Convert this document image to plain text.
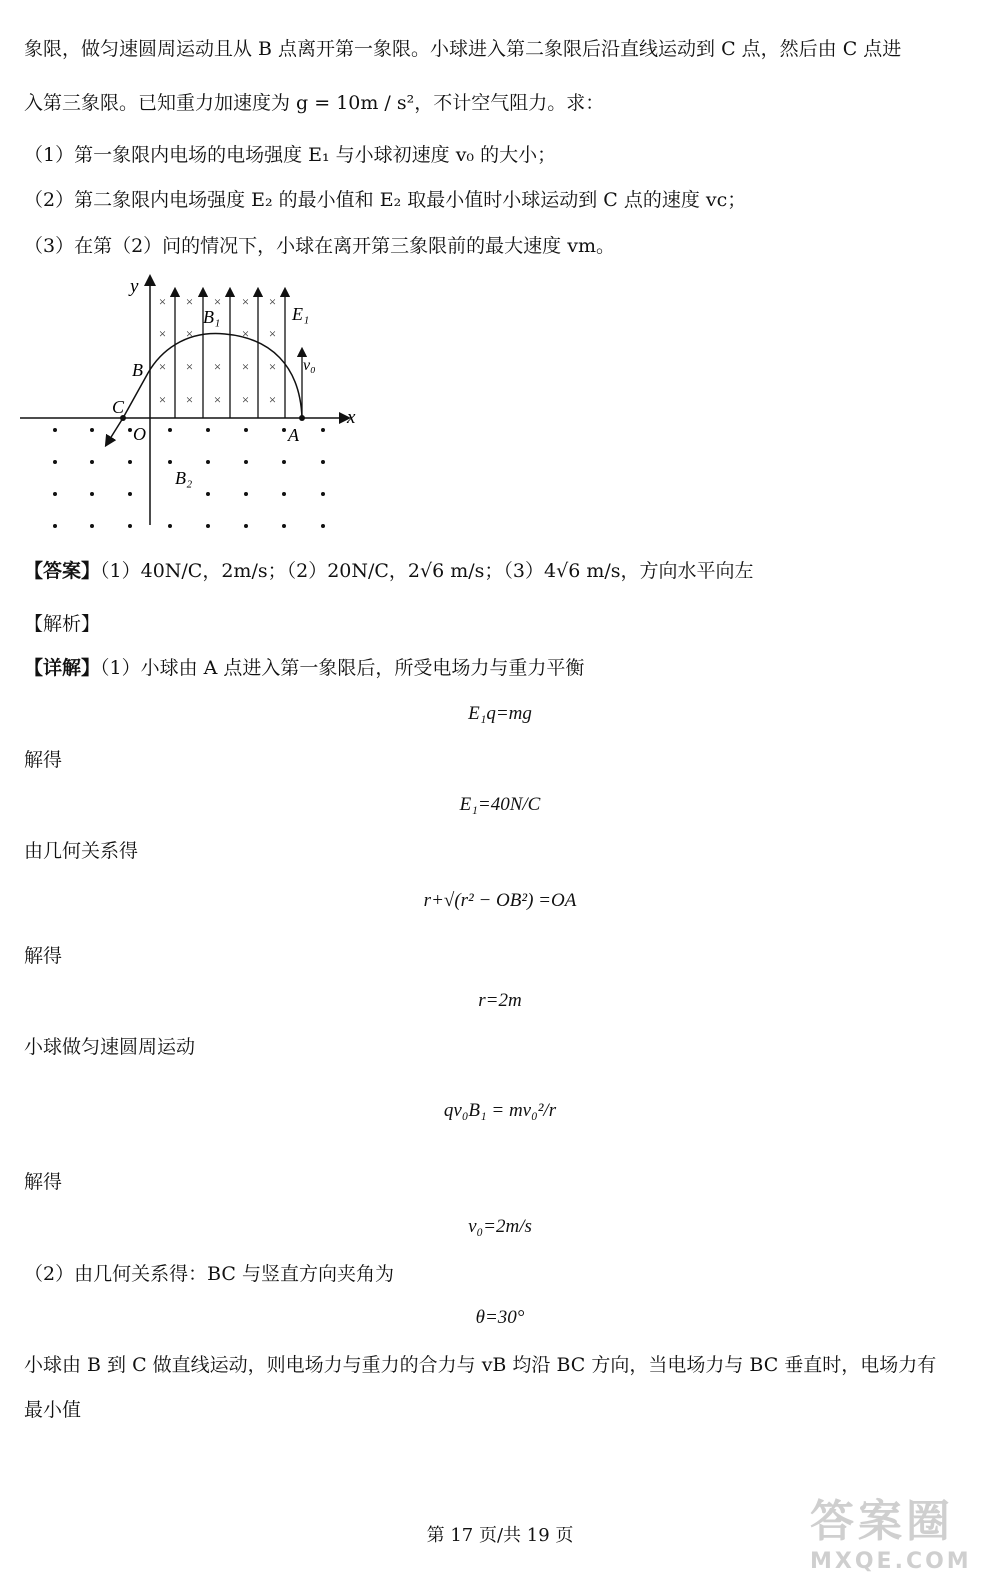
象限，做匀速圆周运动且从 B 点离开第一象限。小球进入第二象限后沿直线运动到 C 点，然后由 C 点进
入第三象限。已知重力加速度为 g = 10m / s²，不计空气阻力。求：
（1）第一象限内电场的电场强度 E₁ 与小球初速度 v₀ 的大小；
（2）第二象限内电场强度 E₂ 的最小值和 E₂ 取最小值时小球运动到 C 点的速度 vc；
（3）在第（2）问的情况下，小球在离开第三象限前的最大速度 vm。
× × × × ×
× ×	× ×
× × × × ×
× × × × ×
y
x
O	A
B
C
B₁	E₁
v₀
B₂
【答案】（1）40N/C，2m/s；（2）20N/C，2√6 m/s；（3）4√6 m/s，方向水平向左
【解析】
【详解】（1）小球由 A 点进入第一象限后，所受电场力与重力平衡
E₁q=mg
解得
E₁=40N/C
由几何关系得
r+√(r² − OB²) =OA
解得
r=2m
小球做匀速圆周运动
qv₀B₁ = mv₀²/r
解得
v₀=2m/s
（2）由几何关系得：BC 与竖直方向夹角为
θ=30°
小球由 B 到 C 做直线运动，则电场力与重力的合力与 vB 均沿 BC 方向，当电场力与 BC 垂直时，电场力有
最小值
第 17 页/共 19 页	答案圈
MXQE.COM
